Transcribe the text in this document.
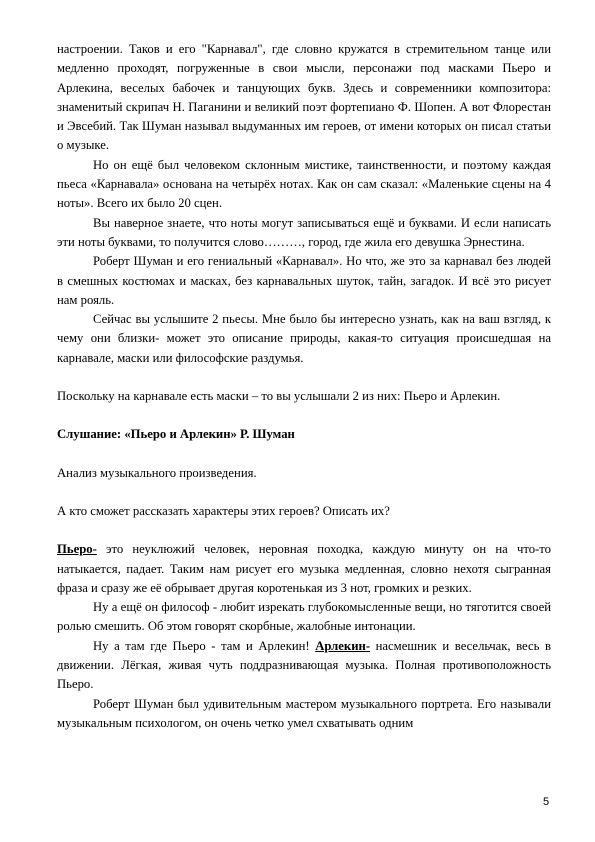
настроении. Таков и его "Карнавал", где словно кружатся в стремительном танце или медленно проходят, погруженные в свои мысли, персонажи под масками Пьеро и Арлекина, веселых бабочек и танцующих букв. Здесь и современники композитора: знаменитый скрипач Н. Паганини и великий поэт фортепиано Ф. Шопен. А вот Флорестан и Эвсебий. Так Шуман называл выдуманных им героев, от имени которых он писал статьи о музыке.

Но он ещё был человеком склонным мистике, таинственности, и поэтому каждая пьеса «Карнавала» основана на четырёх нотах. Как он сам сказал: «Маленькие сцены на 4 ноты». Всего их было 20 сцен.

Вы наверное знаете, что ноты могут записываться ещё и буквами. И если написать эти ноты буквами, то получится слово………, город, где жила его девушка Эрнестина.

Роберт Шуман и его гениальный «Карнавал». Но что, же это за карнавал без людей в смешных костюмах и масках, без карнавальных шуток, тайн, загадок. И всё это рисует нам рояль.

Сейчас вы услышите 2 пьесы. Мне было бы интересно узнать, как на ваш взгляд, к чему они близки- может это описание природы, какая-то ситуация происшедшая на карнавале, маски или философские раздумья.

Поскольку на карнавале есть маски – то вы услышали 2 из них: Пьеро и Арлекин.

Слушание: «Пьеро и Арлекин» Р. Шуман

Анализ музыкального произведения.

А кто сможет рассказать характеры этих героев? Описать их?

Пьеро- это неуклюжий человек, неровная походка, каждую минуту он на что-то натыкается, падает. Таким нам рисует его музыка медленная, словно нехотя сыгранная фраза и сразу же её обрывает другая коротенькая из 3 нот, громких и резких.

Ну а ещё он философ - любит изрекать глубокомысленные вещи, но тяготится своей ролью смешить. Об этом говорят скорбные, жалобные интонации.

Ну а там где Пьеро - там и Арлекин! Арлекин- насмешник и весельчак, весь в движении. Лёгкая, живая чуть поддразнивающая музыка. Полная противоположность Пьеро.

Роберт Шуман был удивительным мастером музыкального портрета. Его называли музыкальным психологом, он очень четко умел схватывать одним

5
